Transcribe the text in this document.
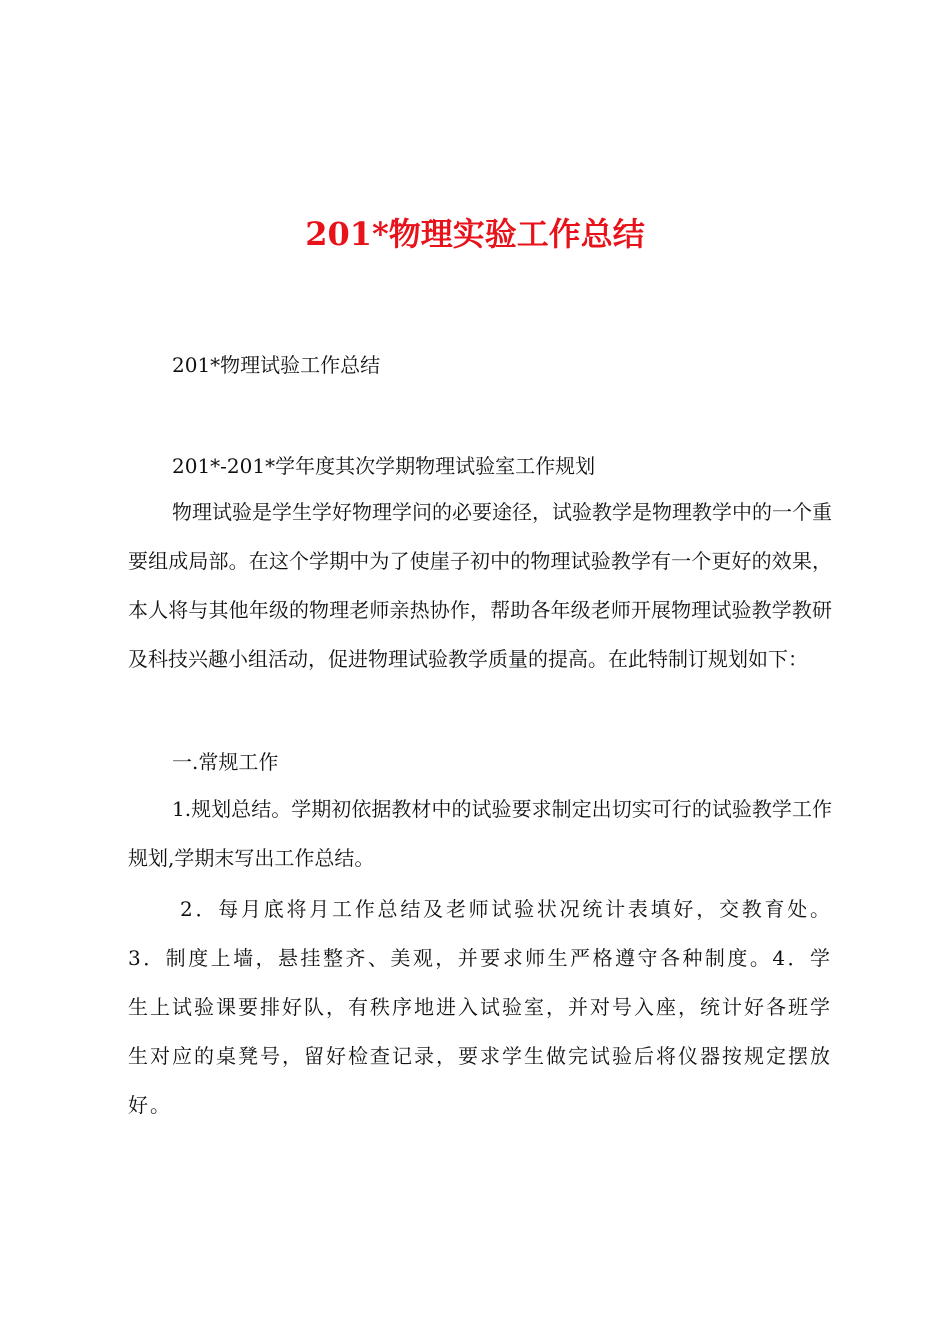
201*物理实验工作总结
201*物理试验工作总结
201*-201*学年度其次学期物理试验室工作规划
物理试验是学生学好物理学问的必要途径，试验教学是物理教学中的一个重要组成局部。在这个学期中为了使崖子初中的物理试验教学有一个更好的效果，本人将与其他年级的物理老师亲热协作，帮助各年级老师开展物理试验教学教研及科技兴趣小组活动，促进物理试验教学质量的提高。在此特制订规划如下：
一.常规工作
1.规划总结。学期初依据教材中的试验要求制定出切实可行的试验教学工作规划,学期末写出工作总结。
2．每月底将月工作总结及老师试验状况统计表填好，交教育处。3．制度上墙，悬挂整齐、美观，并要求师生严格遵守各种制度。4．学生上试验课要排好队，有秩序地进入试验室，并对号入座，统计好各班学生对应的桌凳号，留好检查记录，要求学生做完试验后将仪器按规定摆放好。
